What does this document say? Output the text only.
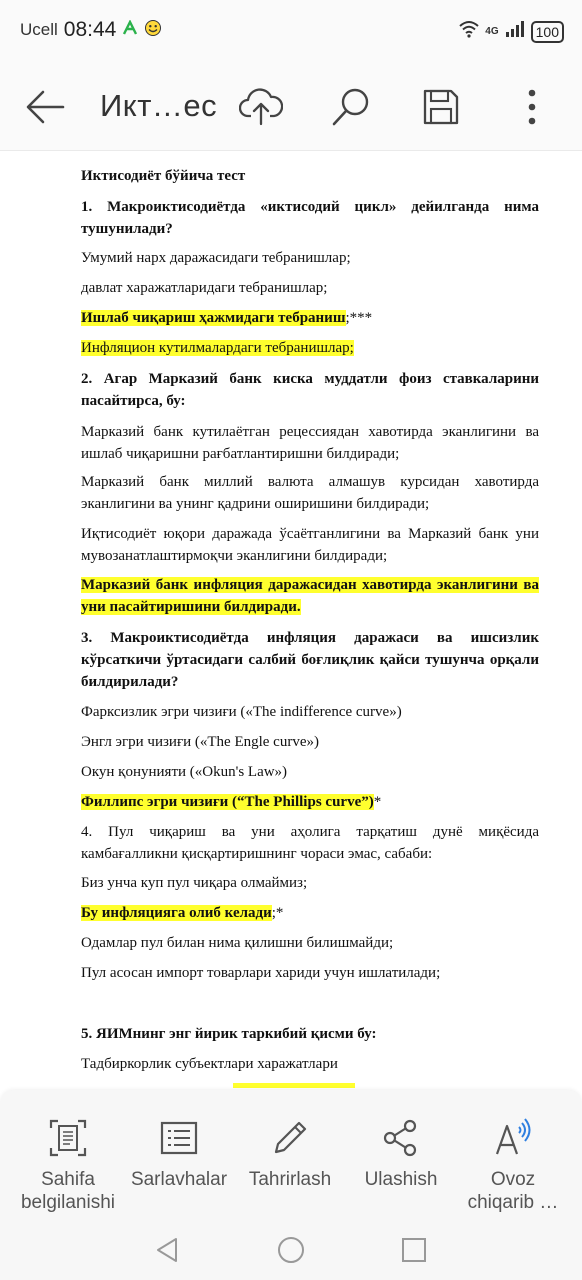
Ucell 08:44	4G	100
Икт…ес
Иктисодиёт бўйича тест
1. Макроиктисодиётда «иктисодий цикл» дейилганда нима тушунилади?
Умумий нарх даражасидаги тебранишлар;
давлат харажатларидаги тебранишлар;
Ишлаб чиқариш ҳажмидаги тебраниш;***
Инфляцион кутилмалардаги тебранишлар;
2. Агар Марказий банк киска муддатли фоиз ставкаларини пасайтирса, бу:
Марказий банк кутилаётган рецессиядан хавотирда эканлигини ва ишлаб чиқаришни рағбатлантиришни билдиради;
Марказий банк миллий валюта алмашув курсидан хавотирда эканлигини ва унинг қадрини оширишини билдиради;
Иқтисодиёт юқори даражада ўсаётганлигини ва Марказий банк уни мувозанатлаштирмоқчи эканлигини билдиради;
Марказий банк инфляция даражасидан хавотирда эканлигини ва уни пасайтиришини билдиради.
3. Макроиктисодиётда инфляция даражаси ва ишсизлик кўрсаткичи ўртасидаги салбий боғлиқлик қайси тушунча орқали билдирилади?
Фарксизлик эгри чизиғи («The indifference curve»)
Энгл эгри чизиғи («The Engle curve»)
Окун қонунияти («Okun's Law»)
Филлипс эгри чизиғи (“The Phillips curve”)*
4. Пул чиқариш ва уни аҳолига тарқатиш дунё миқёсида камбағалликни қисқартиришнинг чораси эмас, сабаби:
Биз унча куп пул чиқара олмаймиз;
Бу инфляцияга олиб келади;*
Одамлар пул билан нима қилишни билишмайди;
Пул асосан импорт товарлари хариди учун ишлатилади;
5. ЯИМнинг энг йирик таркибий қисми бу:
Тадбиркорлик субъектлари харажатлари
Sahifa belgilanishi
Sarlavhalar	Tahrirlash	Ulashish	Ovoz chiqarib …
